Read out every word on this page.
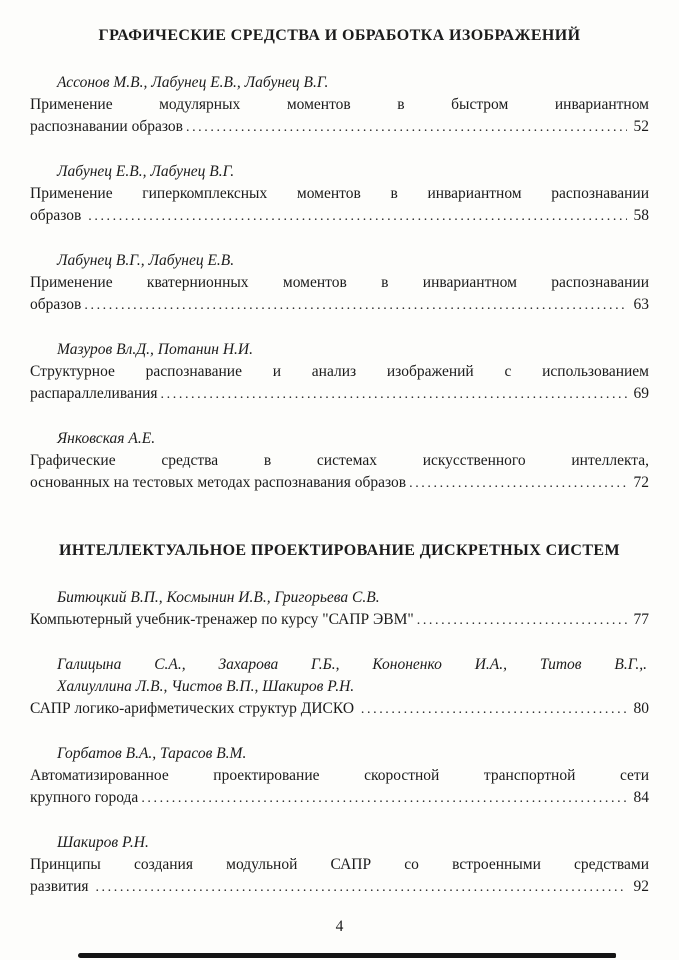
ГРАФИЧЕСКИЕ СРЕДСТВА И ОБРАБОТКА ИЗОБРАЖЕНИЙ
Ассонов М.В., Лабунец Е.В., Лабунец В.Г.
Применение модулярных моментов в быстром инвариантном
распознавании образов .....	52
Лабунец Е.В., Лабунец В.Г.
Применение гиперкомплексных моментов в инвариантном распознавании
образов .....	58
Лабунец В.Г., Лабунец Е.В.
Применение кватернионных моментов в инвариантном распознавании
образов .....	63
Мазуров Вл.Д., Потанин Н.И.
Структурное распознавание и анализ изображений с использованием
распараллеливания .....	69
Янковская А.Е.
Графические средства в системах искусственного интеллекта,
основанных на тестовых методах распознавания образов .....	72
ИНТЕЛЛЕКТУАЛЬНОЕ ПРОЕКТИРОВАНИЕ ДИСКРЕТНЫХ СИСТЕМ
Битюцкий В.П., Космынин И.В., Григорьева С.В.
Компьютерный учебник-тренажер по курсу "САПР ЭВМ" .....	77
Галицына С.А., Захарова Г.Б., Кононенко И.А., Титов В.Г.,.
Халиуллина Л.В., Чистов В.П., Шакиров Р.Н.
САПР логико-арифметических структур ДИСКО .....	80
Горбатов В.А., Тарасов В.М.
Автоматизированное проектирование скоростной транспортной сети
крупного города .....	84
Шакиров Р.Н.
Принципы создания модульной САПР со встроенными средствами
развития .....	92
4
